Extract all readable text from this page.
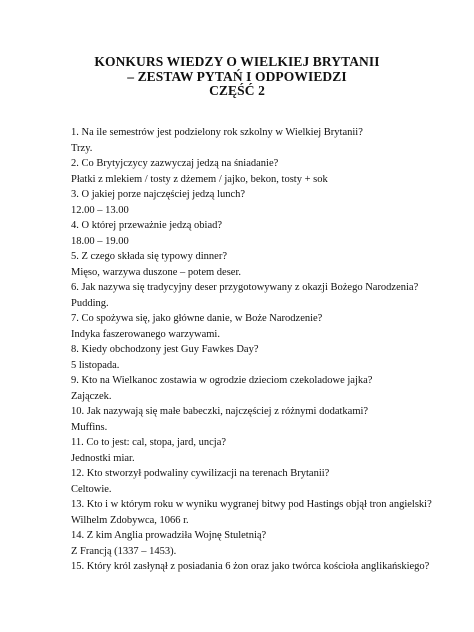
KONKURS WIEDZY O WIELKIEJ BRYTANII
– ZESTAW PYTAŃ I ODPOWIEDZI
CZĘŚĆ 2
1. Na ile semestrów jest podzielony rok szkolny w Wielkiej Brytanii?
Trzy.
2. Co Brytyjczycy zazwyczaj jedzą na śniadanie?
Płatki z mlekiem / tosty z dżemem / jajko, bekon, tosty + sok
3. O jakiej porze najczęściej jedzą lunch?
12.00 – 13.00
4. O której przeważnie jedzą obiad?
18.00 – 19.00
5. Z czego składa się typowy dinner?
Mięso, warzywa duszone – potem deser.
6. Jak nazywa się tradycyjny deser przygotowywany z okazji Bożego Narodzenia?
Pudding.
7. Co spożywa się, jako główne danie, w Boże Narodzenie?
Indyka faszerowanego warzywami.
8. Kiedy obchodzony jest Guy Fawkes Day?
5 listopada.
9. Kto na Wielkanoc zostawia w ogrodzie dzieciom czekoladowe jajka?
Zajączek.
10. Jak nazywają się małe babeczki, najczęściej z różnymi dodatkami?
Muffins.
11. Co to jest: cal, stopa, jard, uncja?
Jednostki miar.
12. Kto stworzył podwaliny cywilizacji na terenach Brytanii?
Celtowie.
13. Kto i w którym roku w wyniku wygranej bitwy pod Hastings objął tron angielski?
Wilhelm Zdobywca, 1066 r.
14. Z kim Anglia prowadziła Wojnę Stuletnią?
Z Francją (1337 – 1453).
15. Który król zasłynął z posiadania 6 żon oraz jako twórca kościoła anglikańskiego?
